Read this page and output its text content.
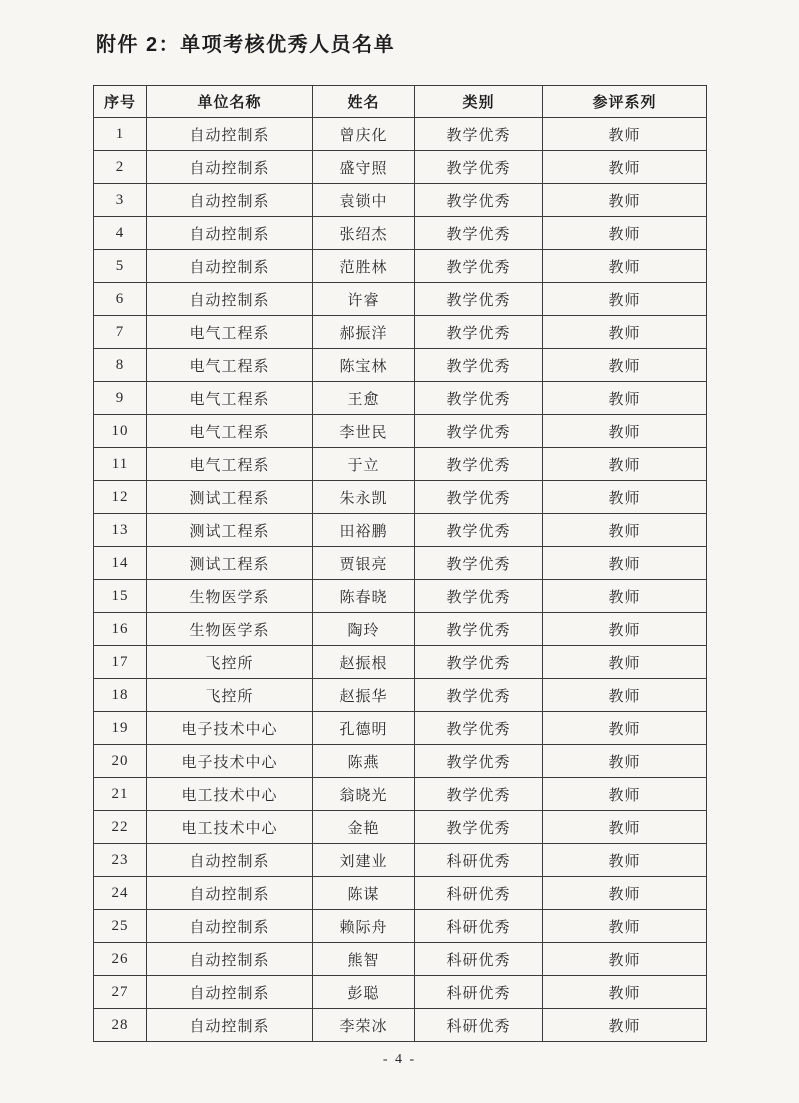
附件 2：单项考核优秀人员名单
序号	单位名称	姓名	类别	参评系列
1	自动控制系	曾庆化	教学优秀	教师
2	自动控制系	盛守照	教学优秀	教师
3	自动控制系	袁锁中	教学优秀	教师
4	自动控制系	张绍杰	教学优秀	教师
5	自动控制系	范胜林	教学优秀	教师
6	自动控制系	许睿	教学优秀	教师
7	电气工程系	郝振洋	教学优秀	教师
8	电气工程系	陈宝林	教学优秀	教师
9	电气工程系	王愈	教学优秀	教师
10	电气工程系	李世民	教学优秀	教师
11	电气工程系	于立	教学优秀	教师
12	测试工程系	朱永凯	教学优秀	教师
13	测试工程系	田裕鹏	教学优秀	教师
14	测试工程系	贾银亮	教学优秀	教师
15	生物医学系	陈春晓	教学优秀	教师
16	生物医学系	陶玲	教学优秀	教师
17	飞控所	赵振根	教学优秀	教师
18	飞控所	赵振华	教学优秀	教师
19	电子技术中心	孔德明	教学优秀	教师
20	电子技术中心	陈燕	教学优秀	教师
21	电工技术中心	翁晓光	教学优秀	教师
22	电工技术中心	金艳	教学优秀	教师
23	自动控制系	刘建业	科研优秀	教师
24	自动控制系	陈谋	科研优秀	教师
25	自动控制系	赖际舟	科研优秀	教师
26	自动控制系	熊智	科研优秀	教师
27	自动控制系	彭聪	科研优秀	教师
28	自动控制系	李荣冰	科研优秀	教师
- 4 -
